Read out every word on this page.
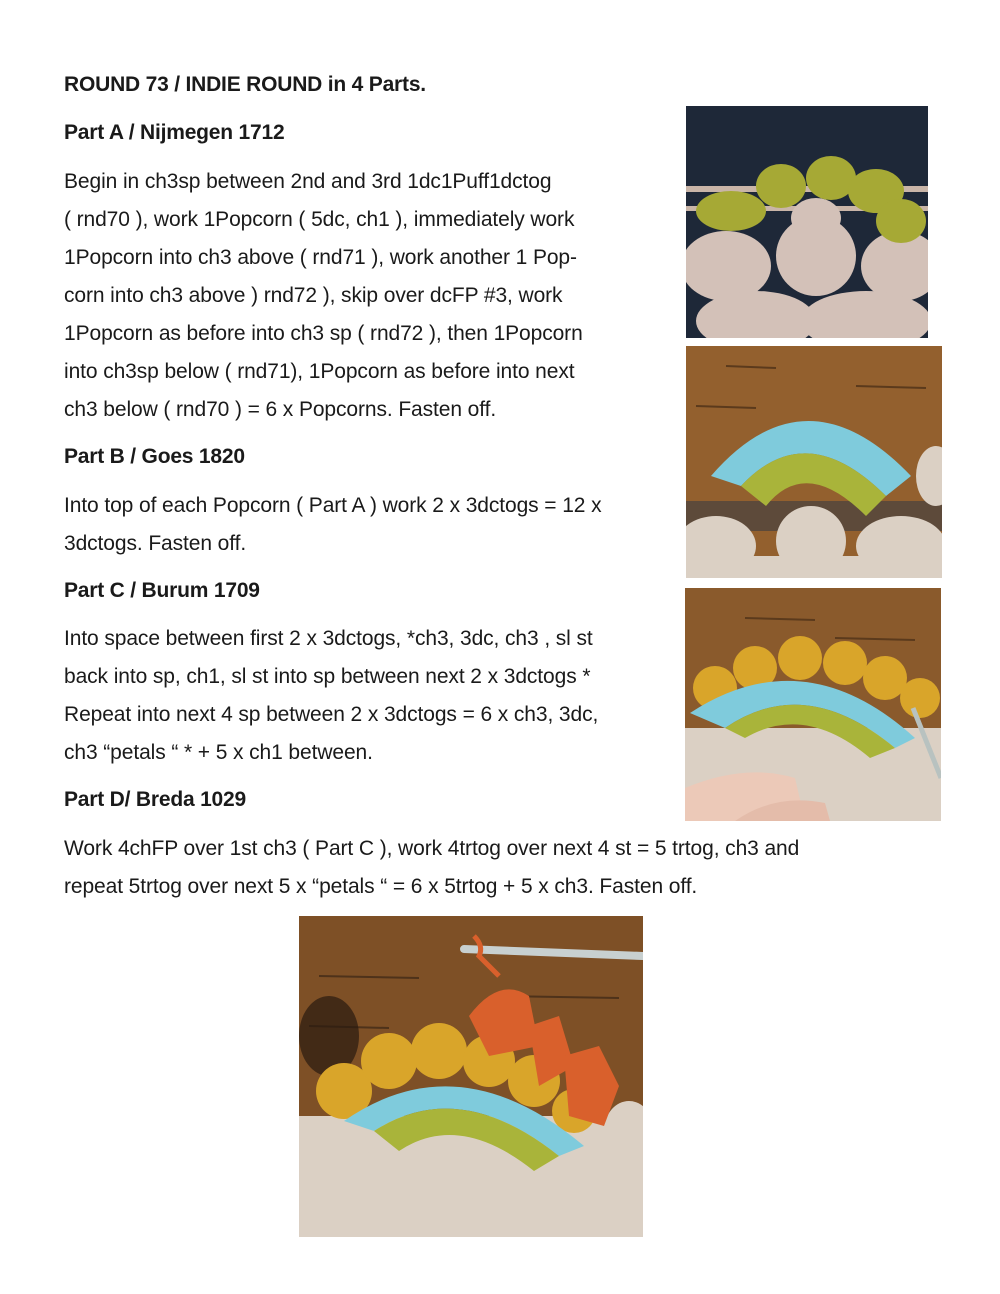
ROUND 73 / INDIE ROUND in 4 Parts.
Part A / Nijmegen 1712
Begin in ch3sp between 2nd and 3rd 1dc1Puff1dctog
( rnd70 ), work 1Popcorn ( 5dc, ch1 ), immediately work
1Popcorn into ch3 above ( rnd71 ), work another 1 Pop-
corn into ch3 above ) rnd72 ), skip over dcFP #3, work
1Popcorn as before into ch3 sp ( rnd72 ), then 1Popcorn
into ch3sp below ( rnd71), 1Popcorn as before into next
ch3 below ( rnd70 ) = 6 x Popcorns. Fasten off.
Part B / Goes 1820
Into top of each Popcorn ( Part A ) work 2 x 3dctogs = 12 x
3dctogs. Fasten off.
Part C / Burum 1709
Into space between first 2 x 3dctogs, *ch3, 3dc, ch3 , sl st
back into sp, ch1, sl st into sp between next 2 x 3dctogs *
Repeat into next 4 sp between 2 x 3dctogs = 6 x ch3, 3dc,
ch3 “petals “ * + 5 x ch1 between.
Part D/ Breda 1029
Work 4chFP over 1st ch3 ( Part C ), work 4trtog over next 4 st = 5 trtog, ch3 and
repeat 5trtog over next 5 x “petals “ = 6 x 5trtog + 5 x ch3. Fasten off.
